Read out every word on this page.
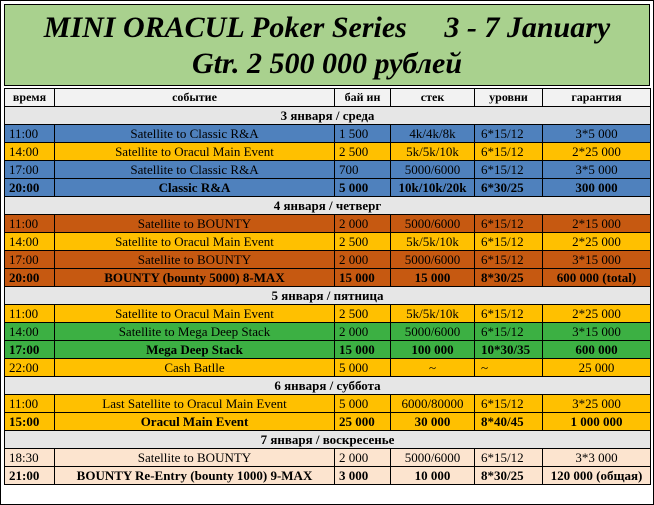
MINI ORACUL Poker Series     3 - 7 January
Gtr. 2 500 000 рублей
время	событие	бай ин	стек	уровни	гарантия
3 января / среда					
11:00	Satellite to Classic R&A	1 500	4k/4k/8k	6*15/12	3*5 000
14:00	Satellite to Oracul Main Event	2 500	5k/5k/10k	6*15/12	2*25 000
17:00	Satellite to Classic R&A	700	5000/6000	6*15/12	3*5 000
20:00	Classic R&A	5 000	10k/10k/20k	6*30/25	300 000
4 января / четверг					
11:00	Satellite to BOUNTY	2 000	5000/6000	6*15/12	2*15 000
14:00	Satellite to Oracul Main Event	2 500	5k/5k/10k	6*15/12	2*25 000
17:00	Satellite to BOUNTY	2 000	5000/6000	6*15/12	3*15 000
20:00	BOUNTY (bounty 5000) 8-MAX	15 000	15 000	8*30/25	600 000 (total)
5 января / пятница					
11:00	Satellite to Oracul Main Event	2 500	5k/5k/10k	6*15/12	2*25 000
14:00	Satellite to Mega Deep Stack	2 000	5000/6000	6*15/12	3*15 000
17:00	Mega Deep Stack	15 000	100 000	10*30/35	600 000
22:00	Cash Batlle	5 000	~	~	25 000
6 января / суббота					
11:00	Last Satellite to Oracul Main Event	5 000	6000/80000	6*15/12	3*25 000
15:00	Oracul Main Event	25 000	30 000	8*40/45	1 000 000
7 января / воскресенье					
18:30	Satellite to BOUNTY	2 000	5000/6000	6*15/12	3*3 000
21:00	BOUNTY Re-Entry (bounty 1000) 9-MAX	3 000	10 000	8*30/25	120 000 (общая)
